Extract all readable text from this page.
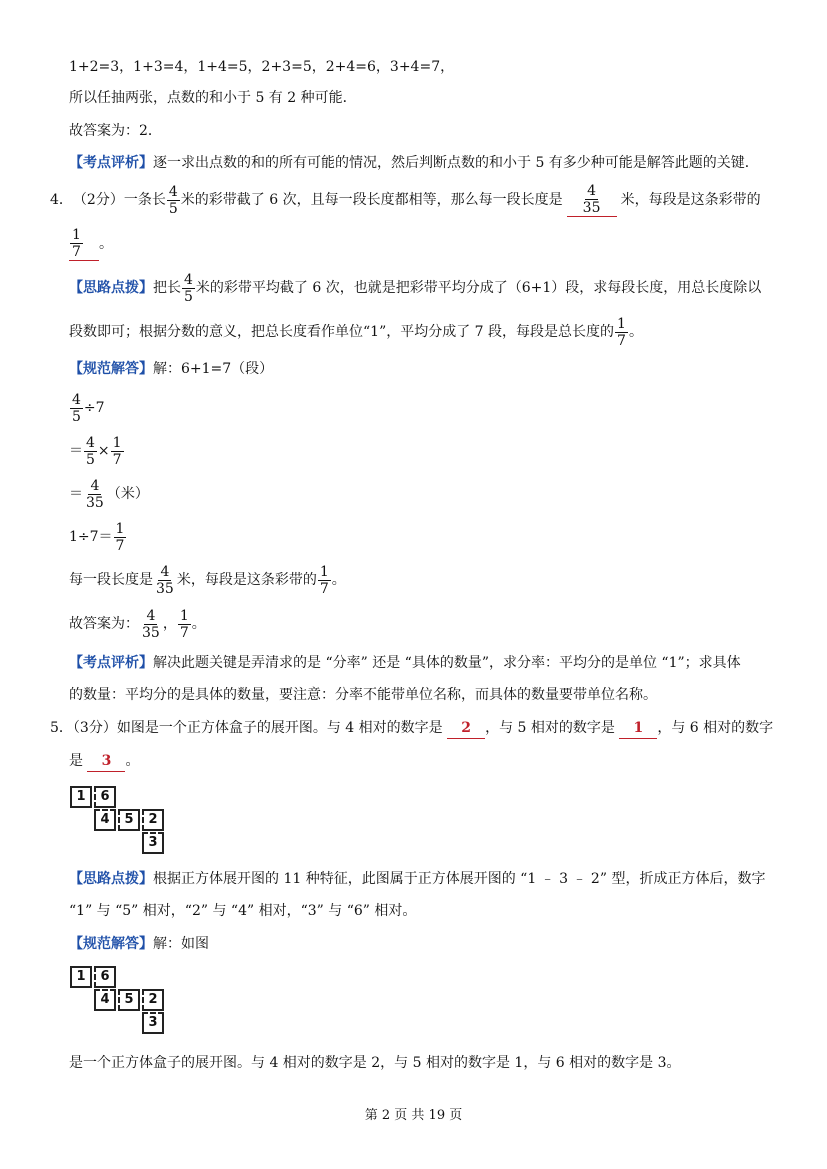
1+2=3，1+3=4，1+4=5，2+3=5，2+4=6，3+4=7，
所以任抽两张，点数的和小于 5 有 2 种可能．
故答案为：2．
【考点评析】逐一求出点数的和的所有可能的情况，然后判断点数的和小于 5 有多少种可能是解答此题的关键．
4． （2分）一条长 $\frac{4}{5}$ 米的彩带截了 6 次，且每一段长度都相等，那么每一段长度是 $\frac{4}{35}$ 米，每段是这条彩带的
$\frac{1}{7}$ 。
【思路点拨】 把长 $\frac{4}{5}$ 米的彩带平均截了 6 次，也就是把彩带平均分成了（6+1）段，求每段长度，用总长度除以
段数即可；根据分数的意义，把总长度看作单位“1”，平均分成了 7 段，每段是总长度的 $\frac{1}{7}$ 。
【规范解答】解：6+1=7（段）
$\frac{4}{5} \div 7$
＝ $\frac{4}{5} \times \frac{1}{7}$
＝ $\frac{4}{35}$ （米）
$1\div 7= \frac{1}{7}$
每一段长度是 $\frac{4}{35}$ 米，每段是这条彩带的 $\frac{1}{7}$ 。
故答案为： $\frac{4}{35}$ ， $\frac{1}{7}$ 。
【考点评析】解决此题关键是弄清求的是 “分率” 还是 “具体的数量”，求分率：平均分的是单位 “1”；求具体
的数量：平均分的是具体的数量，要注意：分率不能带单位名称，而具体的数量要带单位名称。
5．（3分）如图是一个正方体盒子的展开图。与 4 相对的数字是 2 ，与 5 相对的数字是 1 ，与 6 相对的数字
是 3 。
1	6
4	5	2
3
【思路点拨】根据正方体展开图的 11 种特征，此图属于正方体展开图的 “1 ﹣ 3 ﹣ 2” 型，折成正方体后，数字
“1” 与 “5” 相对，“2” 与 “4” 相对，“3” 与 “6” 相对。
【规范解答】解：如图
1	6
4	5	2
3
是一个正方体盒子的展开图。与 4 相对的数字是 2，与 5 相对的数字是 1，与 6 相对的数字是 3。
第 2 页 共 19 页
